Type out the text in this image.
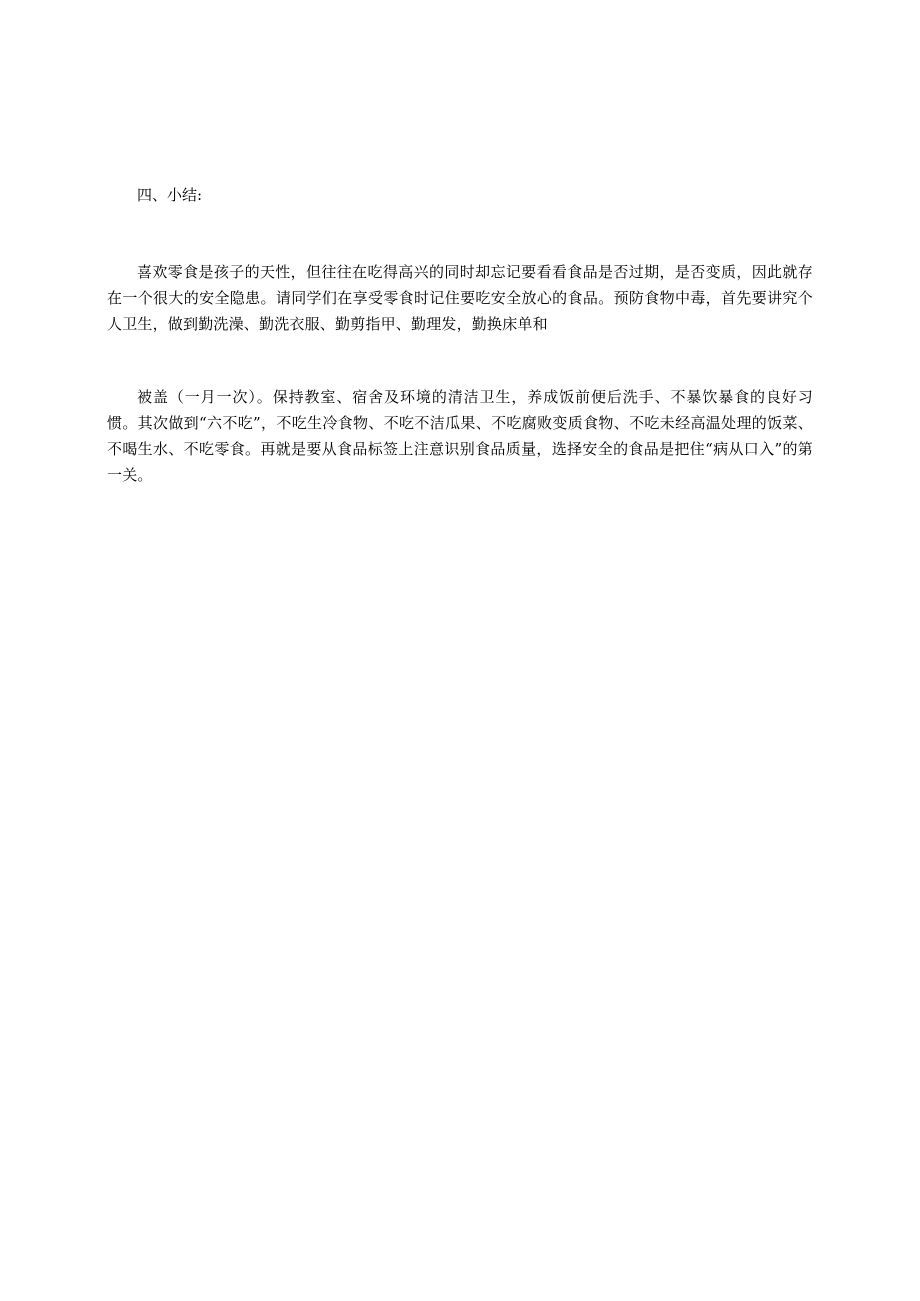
四、小结:

喜欢零食是孩子的天性，但往往在吃得高兴的同时却忘记要看看食品是否过期，是否变质，因此就存在一个很大的安全隐患。请同学们在享受零食时记住要吃安全放心的食品。预防食物中毒，首先要讲究个人卫生，做到勤洗澡、勤洗衣服、勤剪指甲、勤理发，勤换床单和

被盖（一月一次）。保持教室、宿舍及环境的清洁卫生，养成饭前便后洗手、不暴饮暴食的良好习惯。其次做到“六不吃”，不吃生冷食物、不吃不洁瓜果、不吃腐败变质食物、不吃未经高温处理的饭菜、不喝生水、不吃零食。再就是要从食品标签上注意识别食品质量，选择安全的食品是把住“病从口入”的第一关。
